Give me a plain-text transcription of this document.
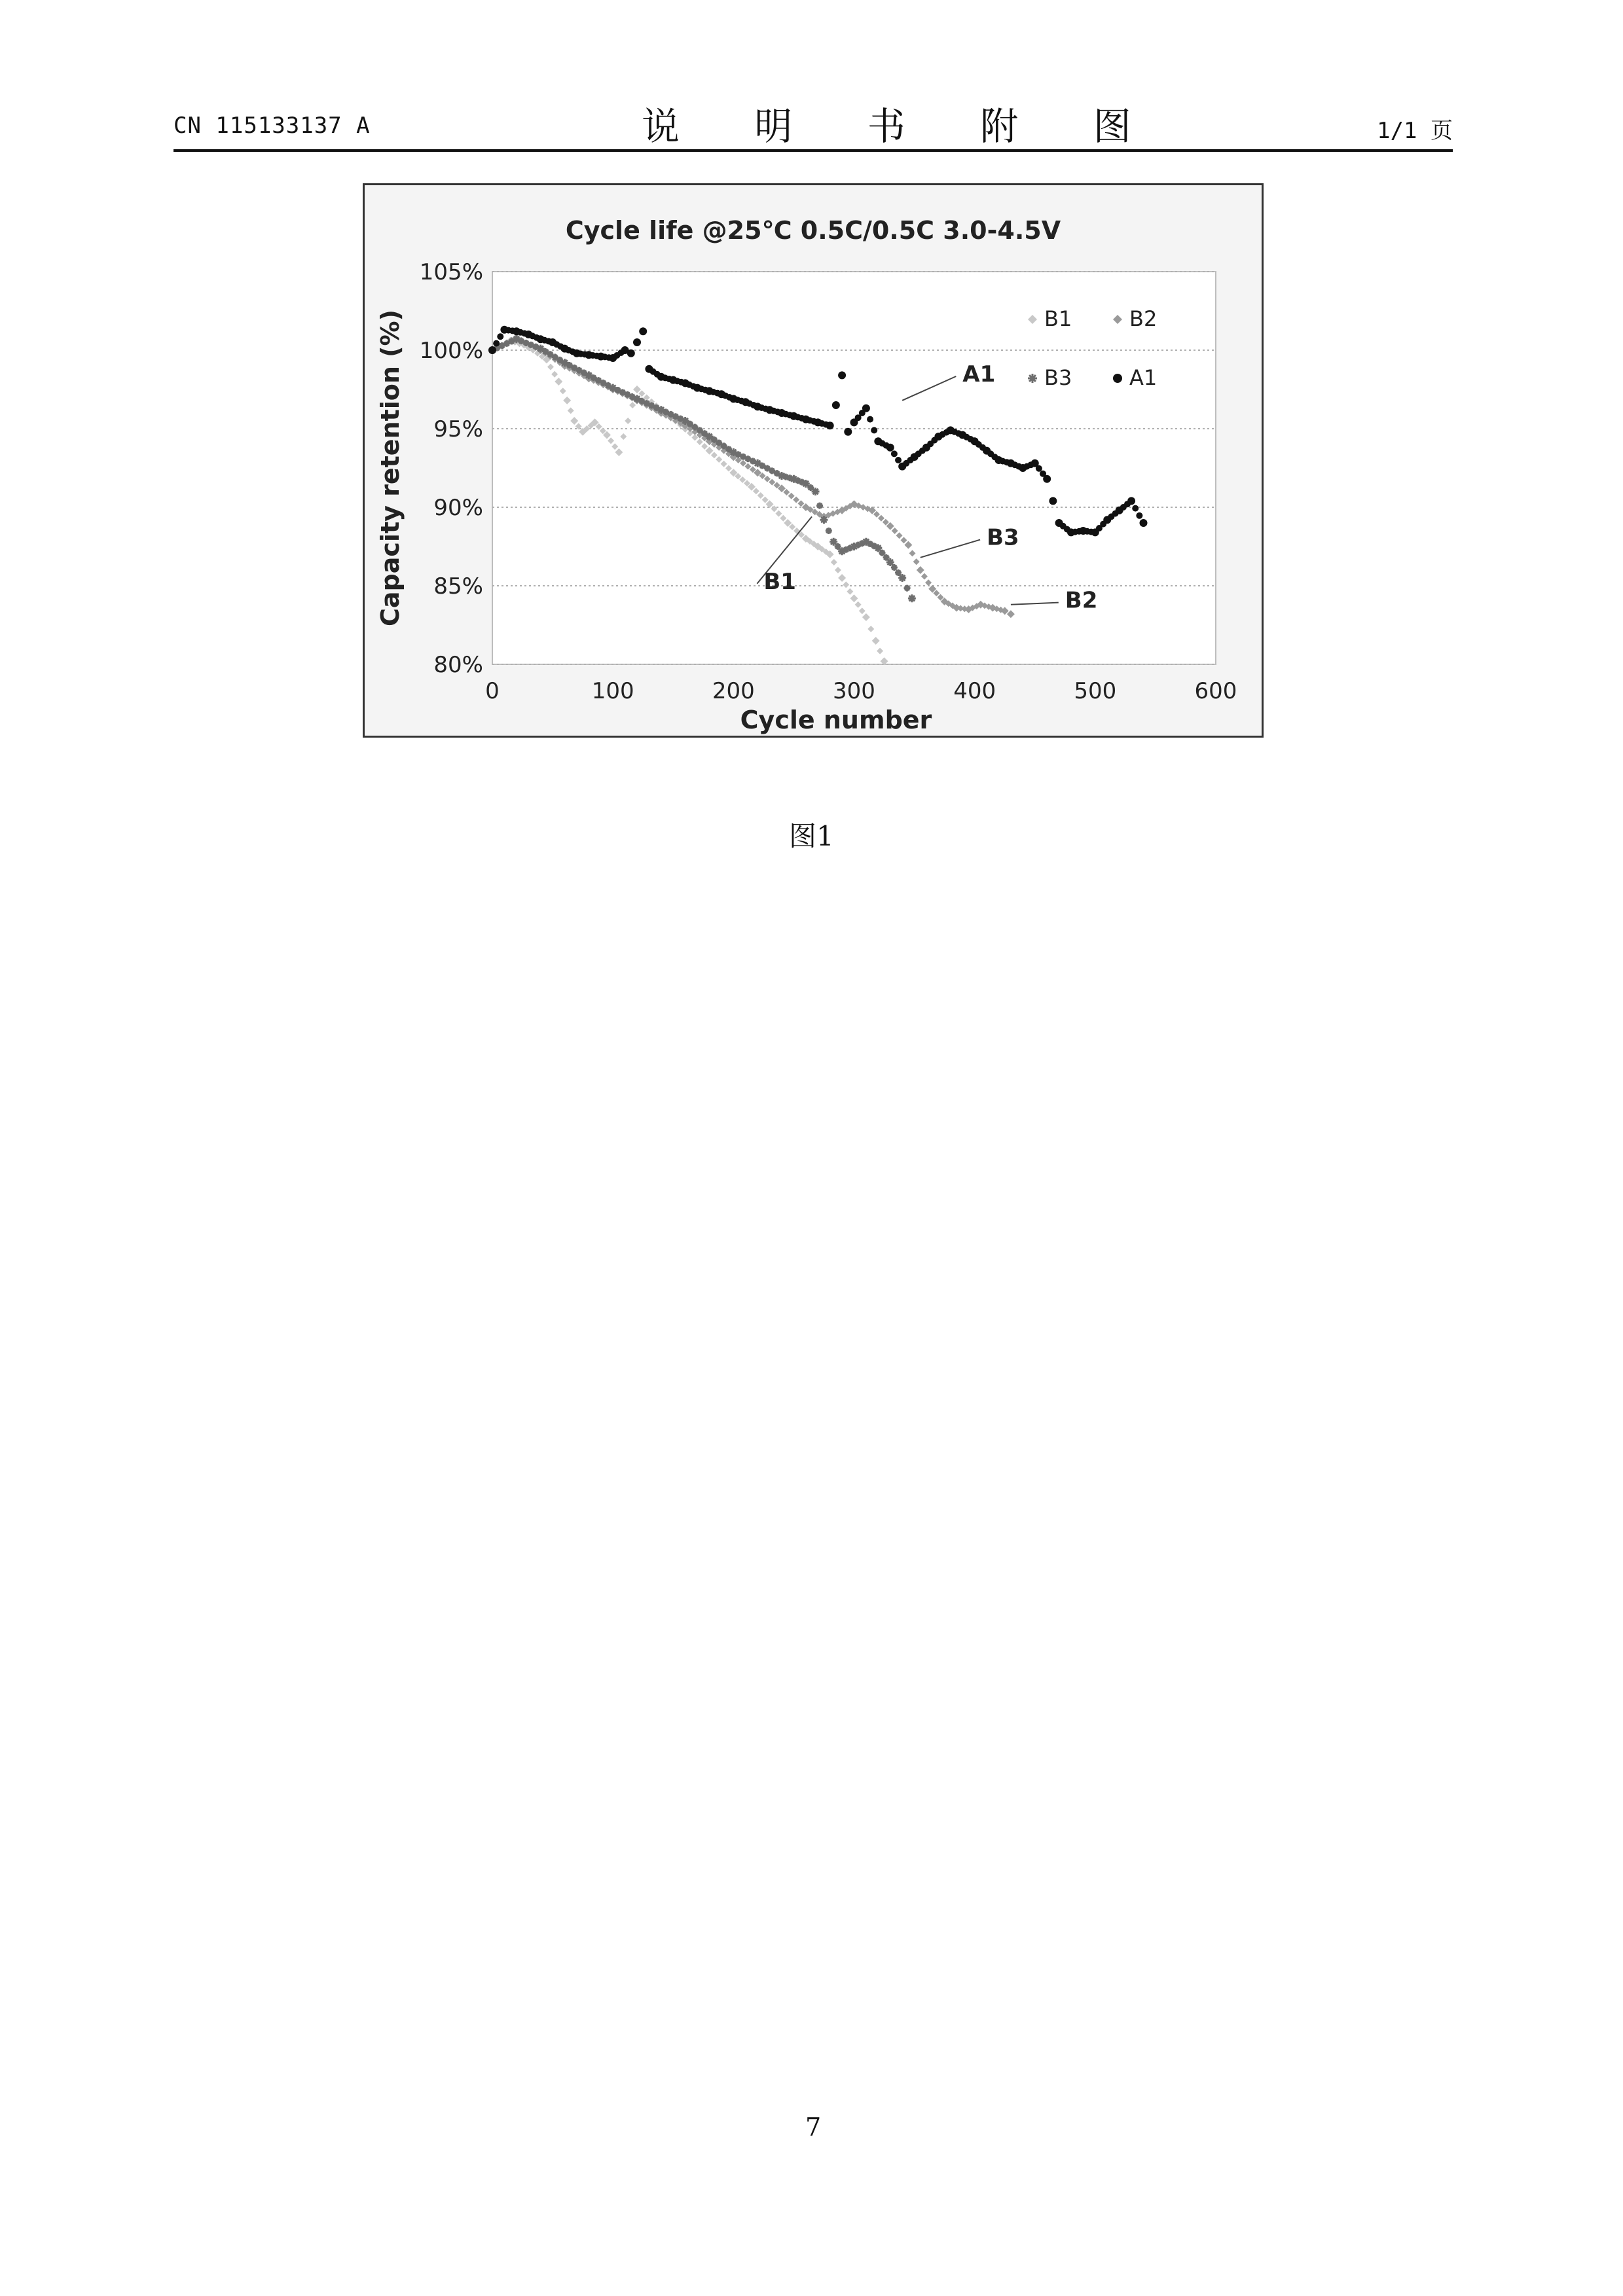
CN 115133137 A	说 明 书 附 图	1/1 页
80%
85%
90%
95%
100%
105%
0	100	200	300	400	500	600
A1
B3
B2
B1
B1	B2
B3	A1
Cycle life @25℃ 0.5C/0.5C 3.0-4.5V
Cycle number
Capacity retention (%)
图1
7
